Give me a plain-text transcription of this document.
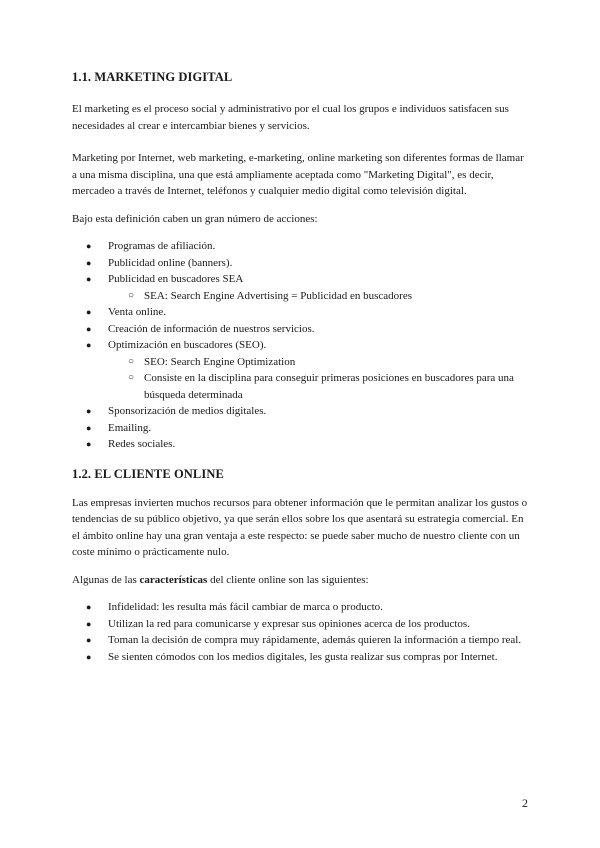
1.1. MARKETING DIGITAL

El marketing es el proceso social y administrativo por el cual los grupos e individuos satisfacen sus necesidades al crear e intercambiar bienes y servicios.

Marketing por Internet, web marketing, e-marketing, online marketing son diferentes formas de llamar a una misma disciplina, una que está ampliamente aceptada como "Marketing Digital", es decir, mercadeo a través de Internet, teléfonos y cualquier medio digital como televisión digital.

Bajo esta definición caben un gran número de acciones:

● Programas de afiliación.
● Publicidad online (banners).
● Publicidad en buscadores SEA
○ SEA: Search Engine Advertising = Publicidad en buscadores
● Venta online.
● Creación de información de nuestros servicios.
● Optimización en buscadores (SEO).
○ SEO: Search Engine Optimization
○ Consiste en la disciplina para conseguir primeras posiciones en buscadores para una búsqueda determinada
● Sponsorización de medios digitales.
● Emailing.
● Redes sociales.
1.2. EL CLIENTE ONLINE

Las empresas invierten muchos recursos para obtener información que le permitan analizar los gustos o tendencias de su público objetivo, ya que serán ellos sobre los que asentará su estrategia comercial. En el ámbito online hay una gran ventaja a este respecto: se puede saber mucho de nuestro cliente con un coste mínimo o prácticamente nulo.

Algunas de las características del cliente online son las siguientes:

● Infidelidad: les resulta más fácil cambiar de marca o producto.
● Utilizan la red para comunicarse y expresar sus opiniones acerca de los productos.
● Toman la decisión de compra muy rápidamente, además quieren la información a tiempo real.
● Se sienten cómodos con los medios digitales, les gusta realizar sus compras por Internet.
2
